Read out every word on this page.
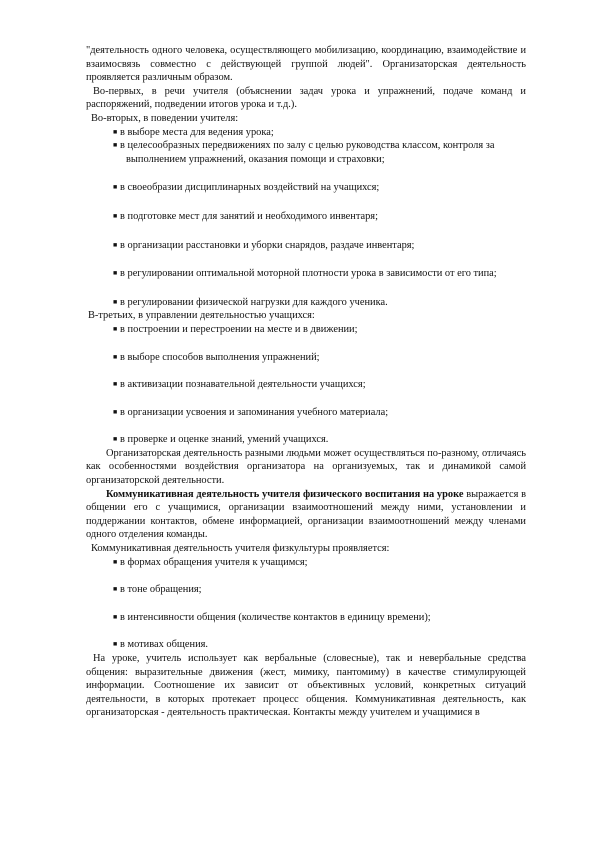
"деятельность одного человека, осуществляющего мобилизацию, координацию, взаимодействие и взаимосвязь совместно с действующей группой людей". Организаторская деятельность проявляется различным образом.

Во-первых, в речи учителя (объяснении задач урока и упражнений, подаче команд и распоряжений, подведении итогов урока и т.д.).

Во-вторых, в поведении учителя:

■ в выборе места для ведения урока;
■ в целесообразных передвижениях по залу с целью руководства классом, контроля за
выполнением упражнений, оказания помощи и страховки;
■ в своеобразии дисциплинарных воздействий на учащихся;
■ в подготовке мест для занятий и необходимого инвентаря;
■ в организации расстановки и уборки снарядов, раздаче инвентаря;
■ в регулировании оптимальной моторной плотности урока в зависимости от его типа;
■ в регулировании физической нагрузки для каждого ученика.

В-третьих, в управлении деятельностью учащихся:

■ в построении и перестроении на месте и в движении;
■ в выборе способов выполнения упражнений;
■ в активизации познавательной деятельности учащихся;
■ в организации усвоения и запоминания учебного материала;
■ в проверке и оценке знаний, умений учащихся.

Организаторская деятельность разными людьми может осуществляться по-разному, отличаясь как особенностями воздействия организатора на организуемых, так и динамикой самой организаторской деятельности.

Коммуникативная деятельность учителя физического воспитания на уроке выражается в общении его с учащимися, организации взаимоотношений между ними, установлении и поддержании контактов, обмене информацией, организации взаимоотношений между членами одного отделения команды.

Коммуникативная деятельность учителя физкультуры проявляется:

■ в формах обращения учителя к учащимся;
■ в тоне обращения;
■ в интенсивности общения (количестве контактов в единицу времени);
■ в мотивах общения.

На уроке, учитель использует как вербальные (словесные), так и невербальные средства общения: выразительные движения (жест, мимику, пантомиму) в качестве стимулирующей информации. Соотношение их зависит от объективных условий, конкретных ситуаций деятельности, в которых протекает процесс общения. Коммуникативная деятельность, как организаторская - деятельность практическая. Контакты между учителем и учащимися в
